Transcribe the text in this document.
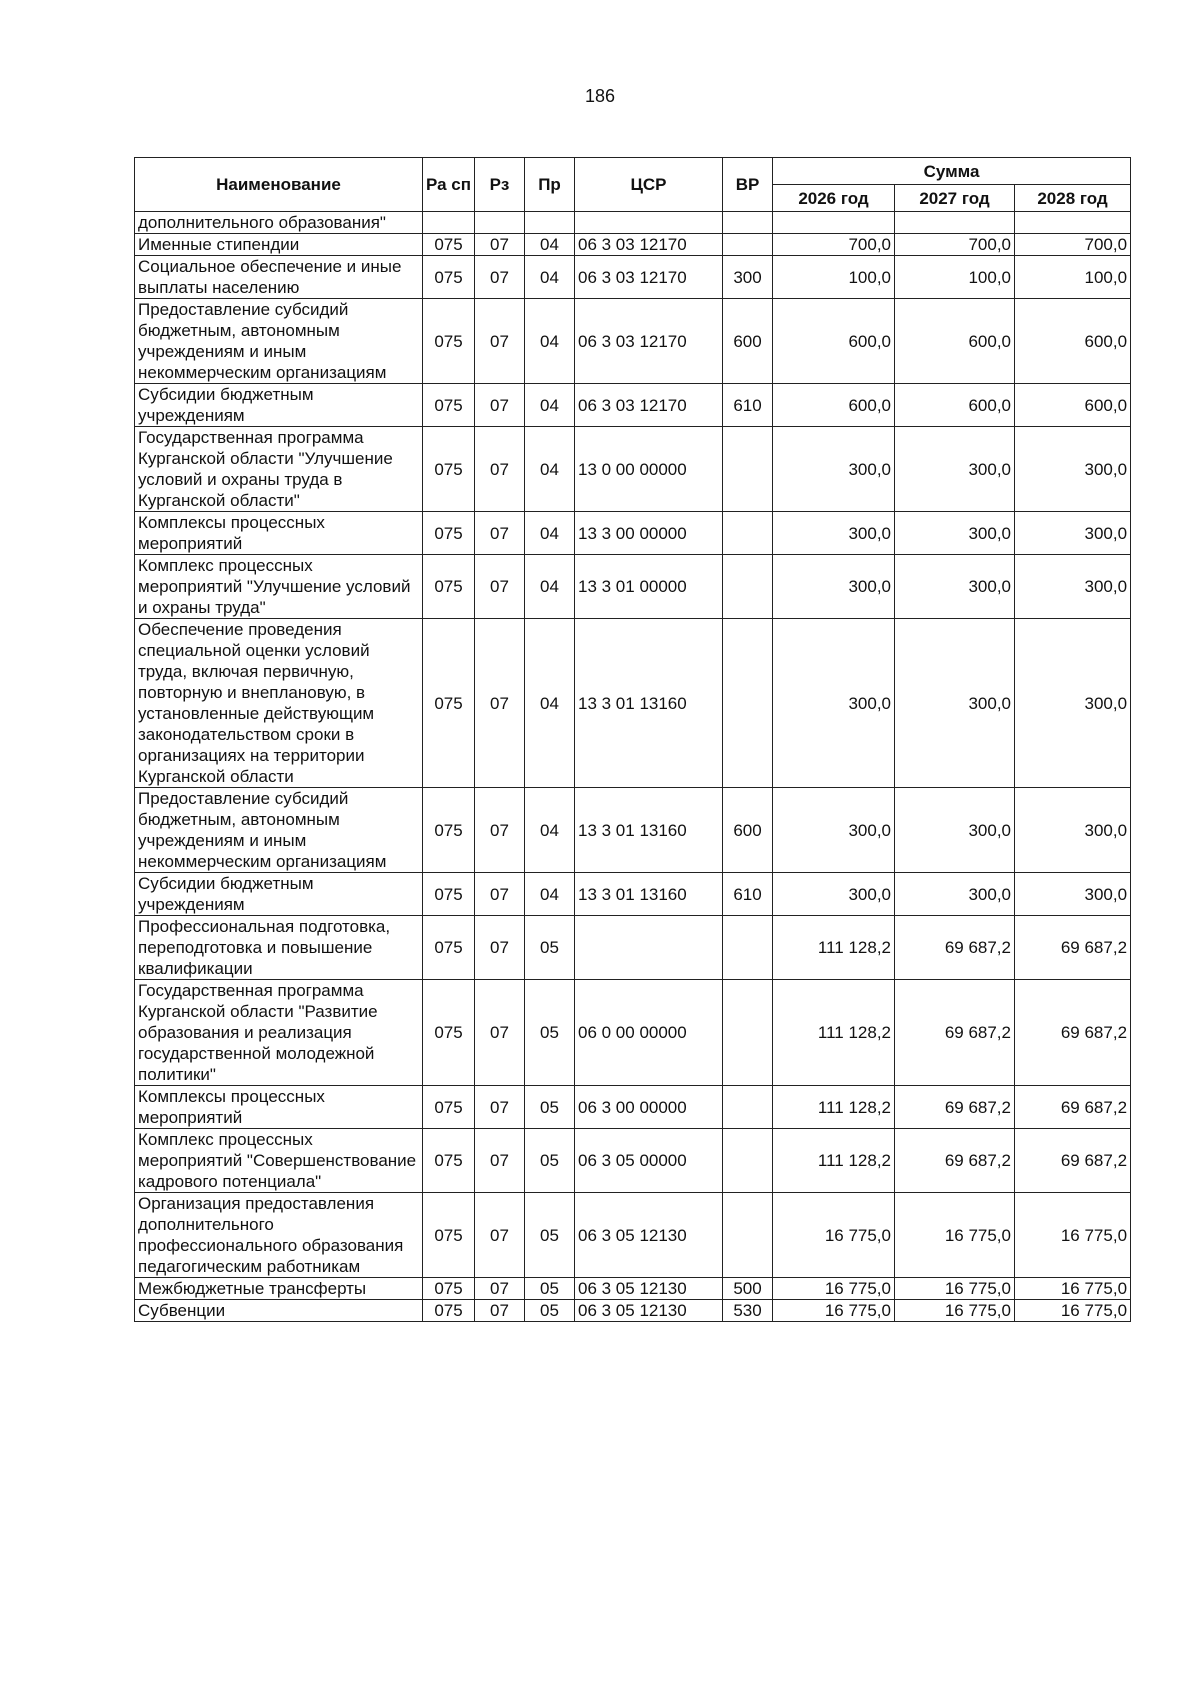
186
Наименование	Ра сп	Рз	Пр	ЦСР	ВР	Сумма		
						2026 год	2027 год	2028 год
дополнительного образования"								
Именные стипендии	075	07	04	06 3 03 12170		700,0	700,0	700,0
Социальное обеспечение и иные выплаты населению	075	07	04	06 3 03 12170	300	100,0	100,0	100,0
Предоставление субсидий бюджетным, автономным учреждениям и иным некоммерческим организациям	075	07	04	06 3 03 12170	600	600,0	600,0	600,0
Субсидии бюджетным учреждениям	075	07	04	06 3 03 12170	610	600,0	600,0	600,0
Государственная программа Курганской области "Улучшение условий и охраны труда в Курганской области"	075	07	04	13 0 00 00000		300,0	300,0	300,0
Комплексы процессных мероприятий	075	07	04	13 3 00 00000		300,0	300,0	300,0
Комплекс процессных мероприятий "Улучшение условий и охраны труда"	075	07	04	13 3 01 00000		300,0	300,0	300,0
Обеспечение проведения специальной оценки условий труда, включая первичную, повторную и внеплановую, в установленные действующим законодательством сроки в организациях на территории Курганской области	075	07	04	13 3 01 13160		300,0	300,0	300,0
Предоставление субсидий бюджетным, автономным учреждениям и иным некоммерческим организациям	075	07	04	13 3 01 13160	600	300,0	300,0	300,0
Субсидии бюджетным учреждениям	075	07	04	13 3 01 13160	610	300,0	300,0	300,0
Профессиональная подготовка, переподготовка и повышение квалификации	075	07	05			111 128,2	69 687,2	69 687,2
Государственная программа Курганской области "Развитие образования и реализация государственной молодежной политики"	075	07	05	06 0 00 00000		111 128,2	69 687,2	69 687,2
Комплексы процессных мероприятий	075	07	05	06 3 00 00000		111 128,2	69 687,2	69 687,2
Комплекс процессных мероприятий "Совершенствование кадрового потенциала"	075	07	05	06 3 05 00000		111 128,2	69 687,2	69 687,2
Организация предоставления дополнительного профессионального образования педагогическим работникам	075	07	05	06 3 05 12130		16 775,0	16 775,0	16 775,0
Межбюджетные трансферты	075	07	05	06 3 05 12130	500	16 775,0	16 775,0	16 775,0
Субвенции	075	07	05	06 3 05 12130	530	16 775,0	16 775,0	16 775,0
